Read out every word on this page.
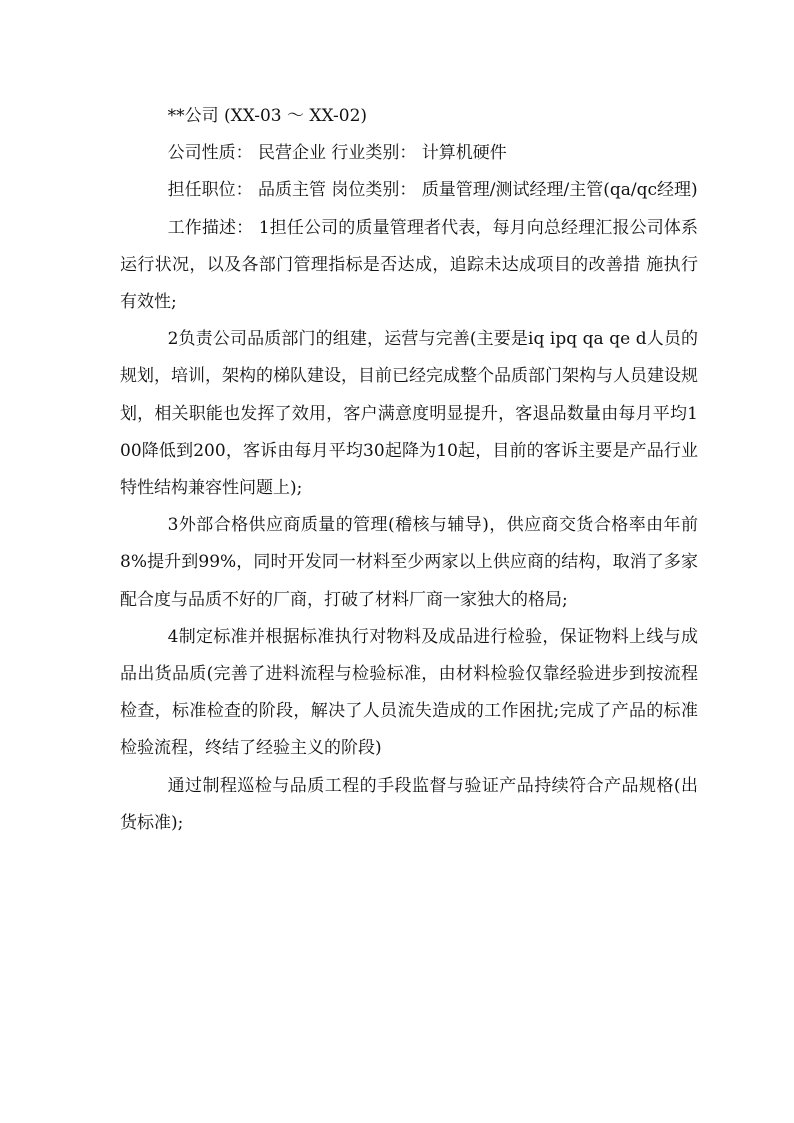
**公司 (XX-03 ～ XX-02)

公司性质： 民营企业 行业类别： 计算机硬件

担任职位： 品质主管 岗位类别： 质量管理/测试经理/主管(qa/qc经理)

工作描述： 1担任公司的质量管理者代表，每月向总经理汇报公司体系运行状况，以及各部门管理指标是否达成，追踪未达成项目的改善措 施执行有效性;

2负责公司品质部门的组建，运营与完善(主要是iq ipq qa qe d人员的规划，培训，架构的梯队建设，目前已经完成整个品质部门架构与人员建设规划，相关职能也发挥了效用，客户满意度明显提升，客退品数量由每月平均100降低到200，客诉由每月平均30起降为10起，目前的客诉主要是产品行业特性结构兼容性问题上);

3外部合格供应商质量的管理(稽核与辅导)，供应商交货合格率由年前8%提升到99%，同时开发同一材料至少两家以上供应商的结构，取消了多家配合度与品质不好的厂商，打破了材料厂商一家独大的格局;

4制定标准并根据标准执行对物料及成品进行检验，保证物料上线与成品出货品质(完善了进料流程与检验标准，由材料检验仅靠经验进步到按流程检查，标准检查的阶段，解决了人员流失造成的工作困扰;完成了产品的标准检验流程，终结了经验主义的阶段)

通过制程巡检与品质工程的手段监督与验证产品持续符合产品规格(出货标准);
